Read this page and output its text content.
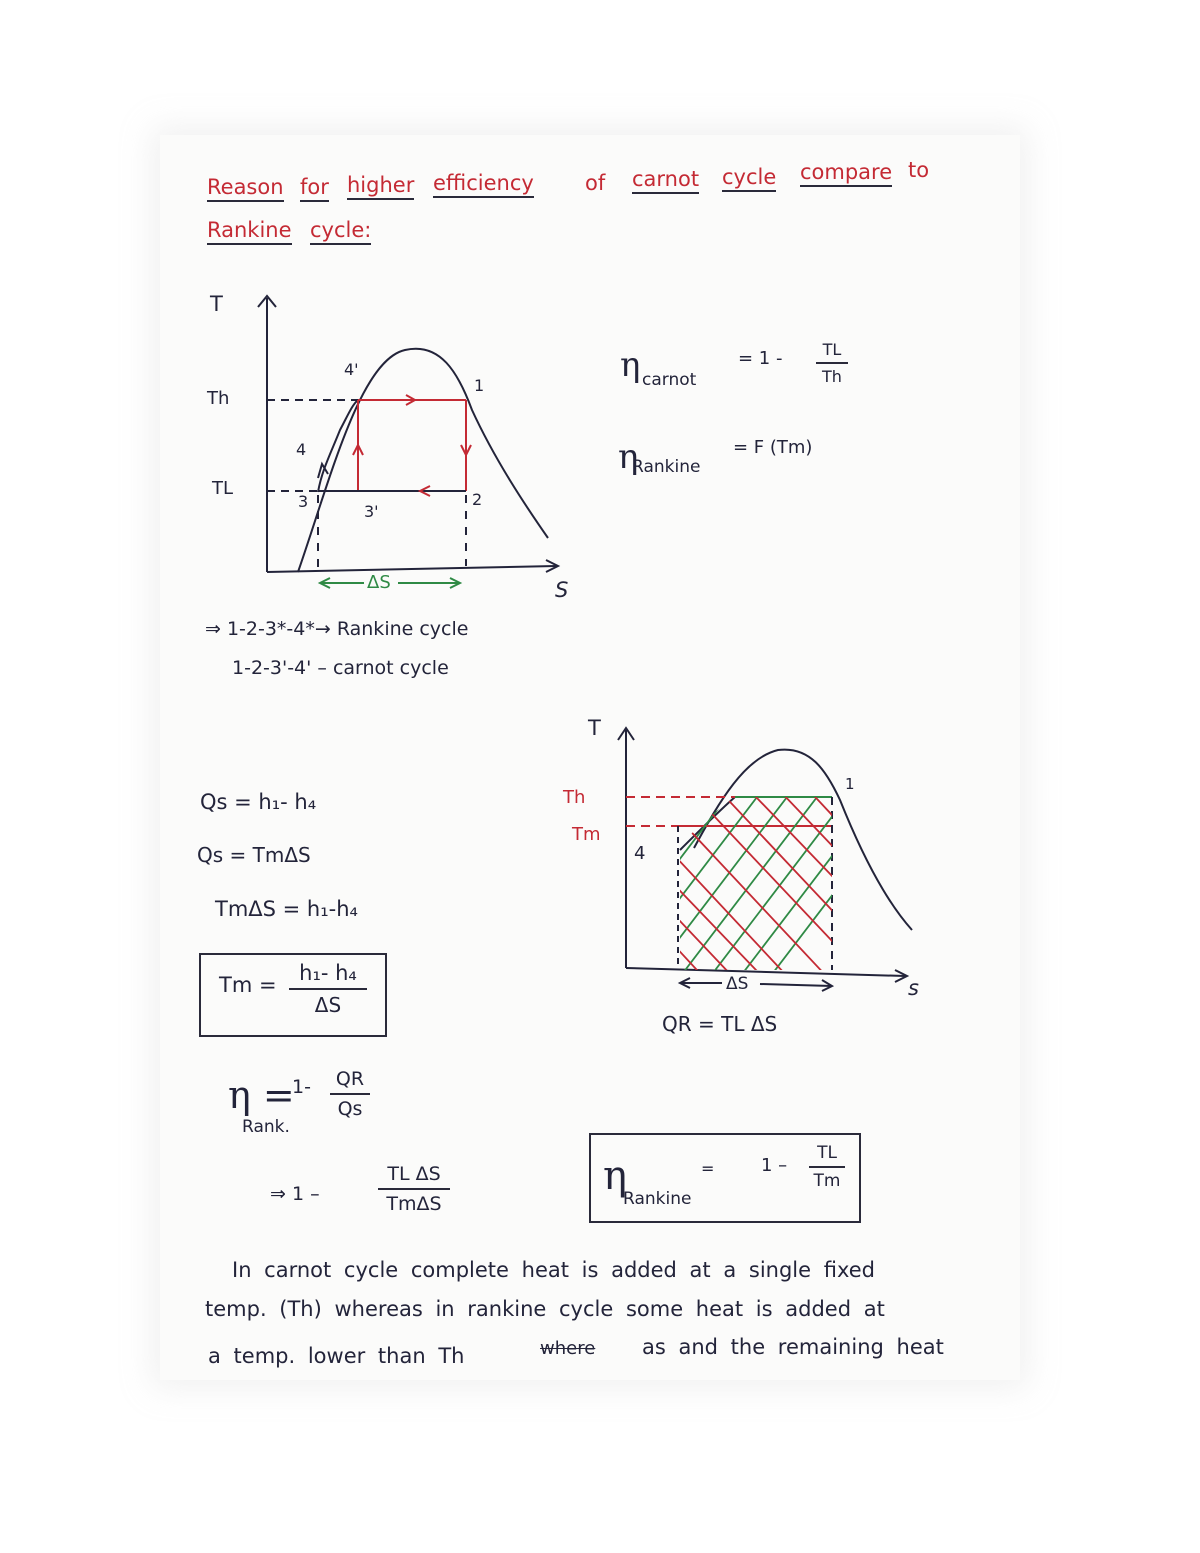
Reason for higher efficiency of carnot cycle compare to
Rankine cycle:
T
S
Th
TL
4'
1
4
3
3'
2
ΔS
⇒ 1-2-3*-4*→ Rankine cycle
1-2-3'-4' – carnot cycle
η carnot
= 1 -	TL
Th
η
Rankine
= F (Tm)
T
s
Th
Tm
1
4
ΔS
QR = TL ΔS
Qs = h₁- h₄
Qs = TmΔS
TmΔS = h₁-h₄
Tm = h₁- h₄
ΔS
η =
Rank.
1- QR
Qs
⇒ 1 –
TL ΔS
TmΔS
η
Rankine
=	1 –
TL
Tm
In carnot cycle complete heat is added at a single fixed
temp. (Th) whereas in rankine cycle some heat is added at
a temp. lower than Th	where as and the remaining heat
